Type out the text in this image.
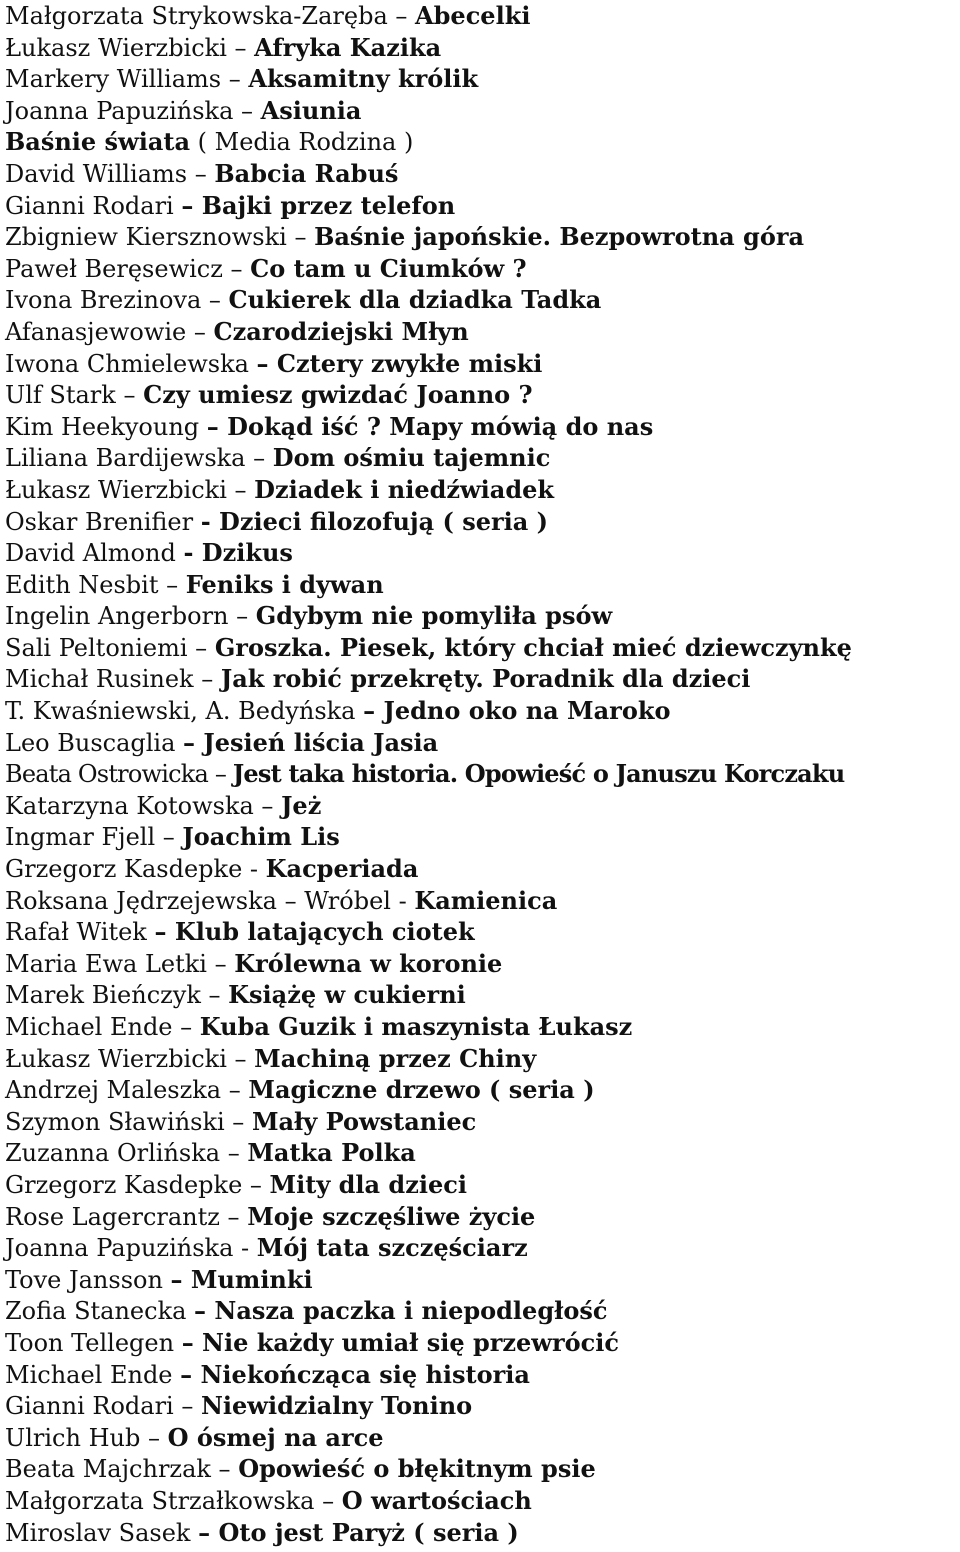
Małgorzata Strykowska-Zaręba – Abecelki
Łukasz Wierzbicki – Afryka Kazika
Markery Williams – Aksamitny królik
Joanna Papuzińska – Asiunia
Baśnie świata ( Media Rodzina )
David Williams – Babcia Rabuś
Gianni Rodari – Bajki przez telefon
Zbigniew Kiersznowski – Baśnie japońskie. Bezpowrotna góra
Paweł Beręsewicz – Co tam u Ciumków ?
Ivona Brezinova – Cukierek dla dziadka Tadka
Afanasjewowie – Czarodziejski Młyn
Iwona Chmielewska – Cztery zwykłe miski
Ulf Stark – Czy umiesz gwizdać Joanno ?
Kim Heekyoung – Dokąd iść ? Mapy mówią do nas
Liliana Bardijewska – Dom ośmiu tajemnic
Łukasz Wierzbicki – Dziadek i niedźwiadek
Oskar Brenifier - Dzieci filozofują ( seria )
David Almond - Dzikus
Edith Nesbit – Feniks i dywan
Ingelin Angerborn – Gdybym nie pomyliła psów
Sali Peltoniemi – Groszka. Piesek, który chciał mieć dziewczynkę
Michał Rusinek – Jak robić przekręty. Poradnik dla dzieci
T. Kwaśniewski, A. Bedyńska – Jedno oko na Maroko
Leo Buscaglia – Jesień liścia Jasia
Beata Ostrowicka – Jest taka historia. Opowieść o Januszu Korczaku
Katarzyna Kotowska – Jeż
Ingmar Fjell – Joachim Lis
Grzegorz Kasdepke - Kacperiada
Roksana Jędrzejewska – Wróbel - Kamienica
Rafał Witek – Klub latających ciotek
Maria Ewa Letki – Królewna w koronie
Marek Bieńczyk – Książę w cukierni
Michael Ende – Kuba Guzik i maszynista Łukasz
Łukasz Wierzbicki – Machiną przez Chiny
Andrzej Maleszka – Magiczne drzewo ( seria )
Szymon Sławiński – Mały Powstaniec
Zuzanna Orlińska – Matka Polka
Grzegorz Kasdepke – Mity dla dzieci
Rose Lagercrantz – Moje szczęśliwe życie
Joanna Papuzińska - Mój tata szczęściarz
Tove Jansson – Muminki
Zofia Stanecka – Nasza paczka i niepodległość
Toon Tellegen – Nie każdy umiał się przewrócić
Michael Ende – Niekończąca się historia
Gianni Rodari – Niewidzialny Tonino
Ulrich Hub – O ósmej na arce
Beata Majchrzak – Opowieść o błękitnym psie
Małgorzata Strzałkowska – O wartościach
Miroslav Sasek – Oto jest Paryż ( seria )
